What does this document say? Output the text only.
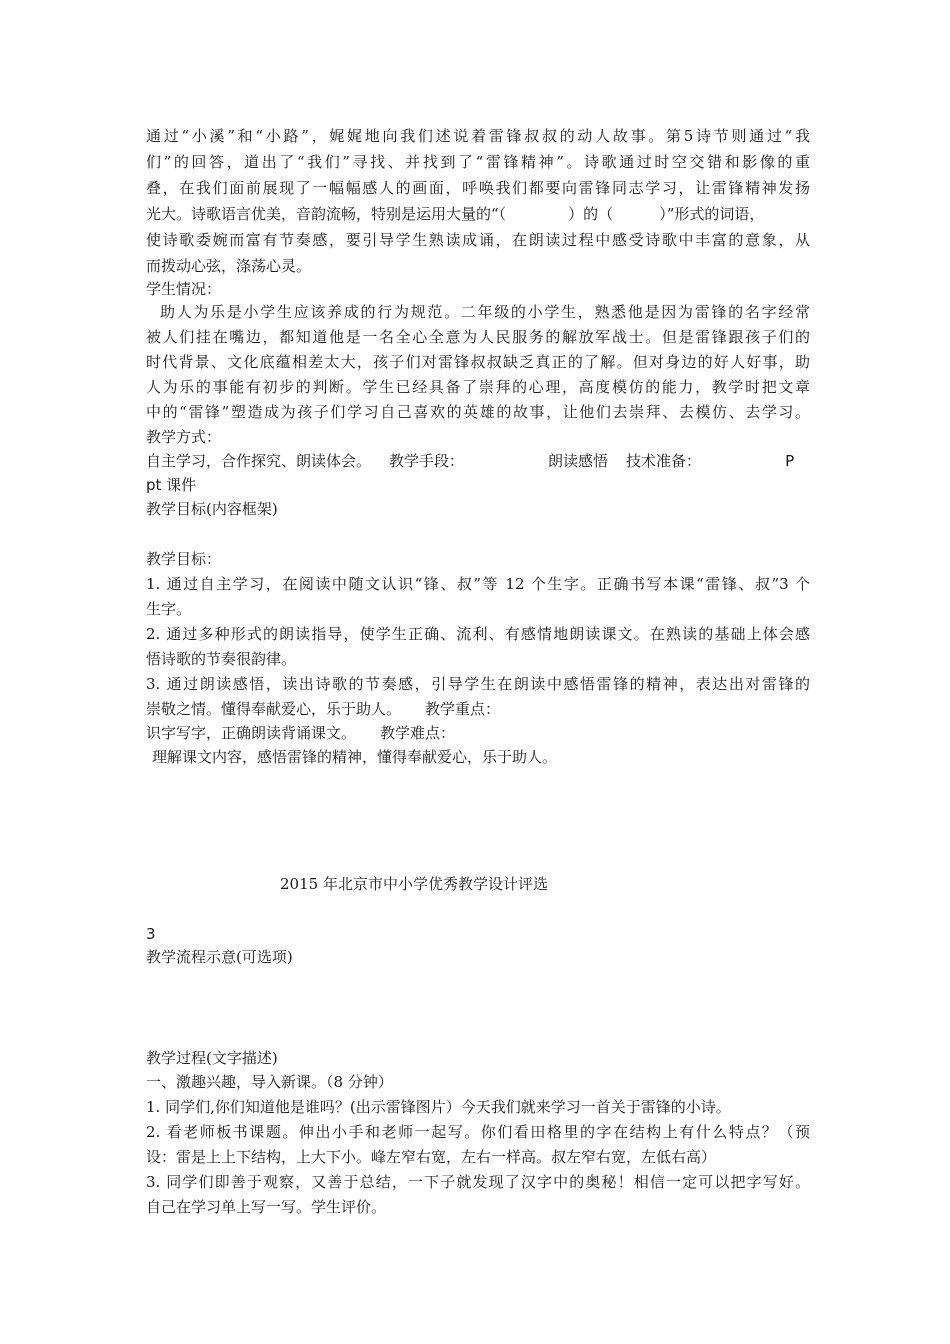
通过“小溪”和“小路”，娓娓地向我们述说着雷锋叔叔的动人故事。第5诗节则通过“我
们”的回答，道出了“我们”寻找、并找到了“雷锋精神”。诗歌通过时空交错和影像的重
叠，在我们面前展现了一幅幅感人的画面，呼唤我们都要向雷锋同志学习，让雷锋精神发扬
光大。诗歌语言优美，音韵流畅，特别是运用大量的“（	）的（	）”形式的词语，
使诗歌委婉而富有节奏感，要引导学生熟读成诵，在朗读过程中感受诗歌中丰富的意象，从
而拨动心弦，涤荡心灵。
学生情况：
助人为乐是小学生应该养成的行为规范。二年级的小学生，熟悉他是因为雷锋的名字经常
被人们挂在嘴边，都知道他是一名全心全意为人民服务的解放军战士。但是雷锋跟孩子们的
时代背景、文化底蕴相差太大，孩子们对雷锋叔叔缺乏真正的了解。但对身边的好人好事，助
人为乐的事能有初步的判断。学生已经具备了崇拜的心理，高度模仿的能力，教学时把文章
中的“雷锋”塑造成为孩子们学习自己喜欢的英雄的故事，让他们去崇拜、去模仿、去学习。
教学方式：
自主学习，合作探究、朗读体会。 教学手段：	朗读感悟 技术准备：	P
pt 课件
教学目标(内容框架)
教学目标：
1. 通过自主学习，在阅读中随文认识“锋、叔”等 12 个生字。正确书写本课“雷锋、叔”3 个
生字。
2. 通过多种形式的朗读指导，使学生正确、流利、有感情地朗读课文。在熟读的基础上体会感
悟诗歌的节奏很韵律。
3. 通过朗读感悟，读出诗歌的节奏感，引导学生在朗读中感悟雷锋的精神，表达出对雷锋的
崇敬之情。懂得奉献爱心，乐于助人。 教学重点：
识字写字，正确朗读背诵课文。 教学难点：
理解课文内容，感悟雷锋的精神，懂得奉献爱心，乐于助人。
2015 年北京市中小学优秀教学设计评选
3
教学流程示意(可选项)
教学过程(文字描述)
一、激趣兴趣，导入新课。（8 分钟）
1. 同学们,你们知道他是谁吗？(出示雷锋图片）今天我们就来学习一首关于雷锋的小诗。
2. 看老师板书课题。伸出小手和老师一起写。你们看田格里的字在结构上有什么特点？（预
设：雷是上上下结构，上大下小。峰左窄右宽，左右一样高。叔左窄右宽，左低右高）
3. 同学们即善于观察，又善于总结，一下子就发现了汉字中的奥秘！相信一定可以把字写好。
自己在学习单上写一写。学生评价。
